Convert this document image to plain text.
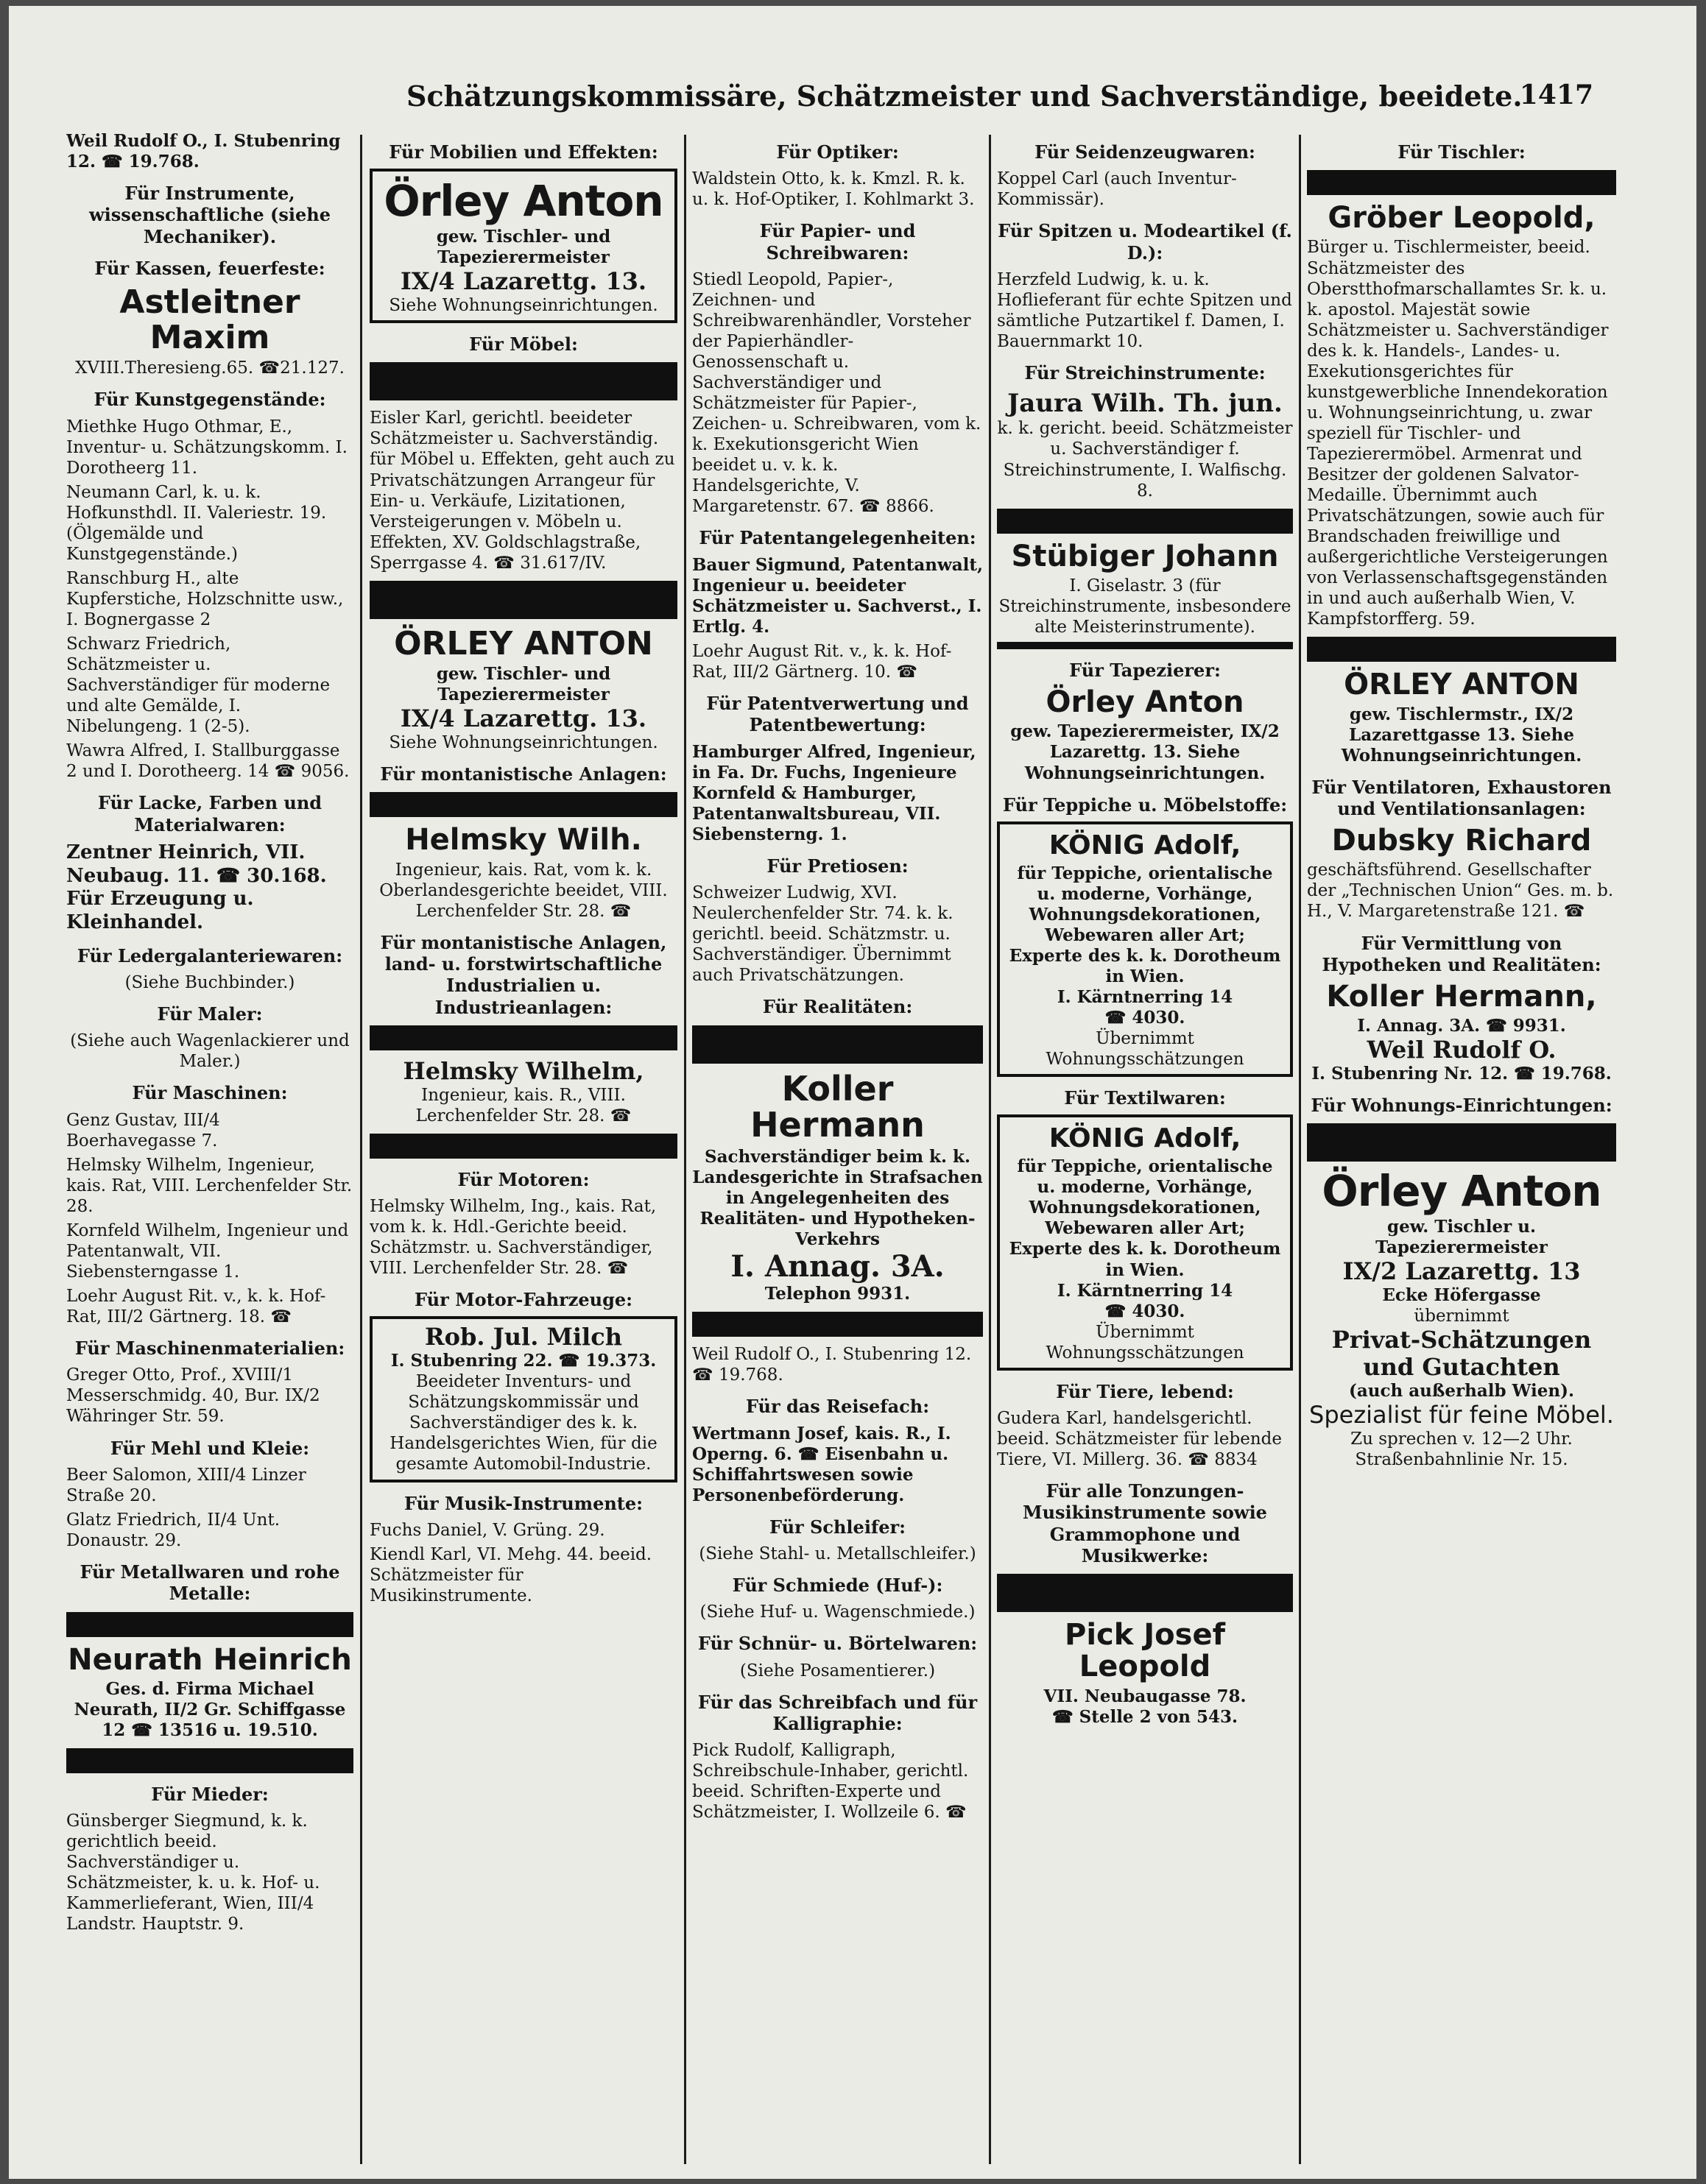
Schätzungskommissäre, Schätzmeister und Sachverständige, beeidete.
1417
Weil Rudolf O., I. Stubenring 12. ☎ 19.768.
Für Instrumente, wissenschaftliche (siehe Mechaniker).
Für Kassen, feuerfeste:
Astleitner Maxim
XVIII.Theresieng.65. ☎21.127.
Für Kunstgegenstände:
Miethke Hugo Othmar, E., Inventur- u. Schätzungskomm. I. Dorotheerg 11.
Neumann Carl, k. u. k. Hofkunsthdl. II. Valeriestr. 19. (Ölgemälde und Kunstgegenstände.)
Ranschburg H., alte Kupferstiche, Holzschnitte usw., I. Bognergasse 2
Schwarz Friedrich, Schätzmeister u. Sachverständiger für moderne und alte Gemälde, I. Nibelungeng. 1 (2-5).
Wawra Alfred, I. Stallburggasse 2 und I. Dorotheerg. 14 ☎ 9056.
Für Lacke, Farben und Materialwaren:
Zentner Heinrich, VII. Neubaug. 11. ☎ 30.168. Für Erzeugung u. Kleinhandel.
Für Ledergalanteriewaren:
(Siehe Buchbinder.)
Für Maler:
(Siehe auch Wagenlackierer und Maler.)
Für Maschinen:
Genz Gustav, III/4 Boerhavegasse 7.
Helmsky Wilhelm, Ingenieur, kais. Rat, VIII. Lerchenfelder Str. 28.
Kornfeld Wilhelm, Ingenieur und Patentanwalt, VII. Siebensterngasse 1.
Loehr August Rit. v., k. k. Hof-Rat, III/2 Gärtnerg. 18. ☎
Für Maschinenmaterialien:
Greger Otto, Prof., XVIII/1 Messerschmidg. 40, Bur. IX/2 Währinger Str. 59.
Für Mehl und Kleie:
Beer Salomon, XIII/4 Linzer Straße 20.
Glatz Friedrich, II/4 Unt. Donaustr. 29.
Für Metallwaren und rohe Metalle:
Neurath Heinrich
Ges. d. Firma Michael Neurath, II/2 Gr. Schiffgasse 12 ☎ 13516 u. 19.510.
Für Mieder:
Günsberger Siegmund, k. k. gerichtlich beeid. Sachverständiger u. Schätzmeister, k. u. k. Hof- u. Kammerlieferant, Wien, III/4 Landstr. Hauptstr. 9.
Für Mobilien und Effekten:
Örley Anton
gew. Tischler- und Tapezierermeister
IX/4 Lazarettg. 13.
Siehe Wohnungseinrichtungen.
Für Möbel:
Eisler Karl, gerichtl. beeideter Schätzmeister u. Sachverständig. für Möbel u. Effekten, geht auch zu Privatschätzungen Arrangeur für Ein- u. Verkäufe, Lizitationen, Versteigerungen v. Möbeln u. Effekten, XV. Goldschlagstraße, Sperrgasse 4. ☎ 31.617/IV.
ÖRLEY ANTON
gew. Tischler- und Tapezierermeister
IX/4 Lazarettg. 13.
Siehe Wohnungseinrichtungen.
Für montanistische Anlagen:
Helmsky Wilh.
Ingenieur, kais. Rat, vom k. k. Oberlandesgerichte beeidet, VIII. Lerchenfelder Str. 28. ☎
Für montanistische Anlagen, land- u. forstwirtschaftliche Industrialien u. Industrieanlagen:
Helmsky Wilhelm,
Ingenieur, kais. R., VIII. Lerchenfelder Str. 28. ☎
Für Motoren:
Helmsky Wilhelm, Ing., kais. Rat, vom k. k. Hdl.-Gerichte beeid. Schätzmstr. u. Sachverständiger, VIII. Lerchenfelder Str. 28. ☎
Für Motor-Fahrzeuge:
Rob. Jul. Milch
I. Stubenring 22. ☎ 19.373.
Beeideter Inventurs- und Schätzungskommissär und Sachverständiger des k. k. Handelsgerichtes Wien, für die gesamte Automobil-Industrie.
Für Musik-Instrumente:
Fuchs Daniel, V. Grüng. 29.
Kiendl Karl, VI. Mehg. 44. beeid. Schätzmeister für Musikinstrumente.
Für Optiker:
Waldstein Otto, k. k. Kmzl. R. k. u. k. Hof-Optiker, I. Kohlmarkt 3.
Für Papier- und Schreibwaren:
Stiedl Leopold, Papier-, Zeichnen- und Schreibwarenhändler, Vorsteher der Papierhändler-Genossenschaft u. Sachverständiger und Schätzmeister für Papier-, Zeichen- u. Schreibwaren, vom k. k. Exekutionsgericht Wien beeidet u. v. k. k. Handelsgerichte, V. Margaretenstr. 67. ☎ 8866.
Für Patentangelegenheiten:
Bauer Sigmund, Patentanwalt, Ingenieur u. beeideter Schätzmeister u. Sachverst., I. Ertlg. 4.
Loehr August Rit. v., k. k. Hof-Rat, III/2 Gärtnerg. 10. ☎
Für Patentverwertung und Patentbewertung:
Hamburger Alfred, Ingenieur, in Fa. Dr. Fuchs, Ingenieure Kornfeld & Hamburger, Patentanwaltsbureau, VII. Siebensterng. 1.
Für Pretiosen:
Schweizer Ludwig, XVI. Neulerchenfelder Str. 74. k. k. gerichtl. beeid. Schätzmstr. u. Sachverständiger. Übernimmt auch Privatschätzungen.
Für Realitäten:
Koller Hermann
Sachverständiger beim k. k. Landesgerichte in Strafsachen in Angelegenheiten des Realitäten- und Hypotheken-Verkehrs
I. Annag. 3A.
Telephon 9931.
Weil Rudolf O., I. Stubenring 12. ☎ 19.768.
Für das Reisefach:
Wertmann Josef, kais. R., I. Operng. 6. ☎ Eisenbahn u. Schiffahrtswesen sowie Personenbeförderung.
Für Schleifer:
(Siehe Stahl- u. Metallschleifer.)
Für Schmiede (Huf-):
(Siehe Huf- u. Wagenschmiede.)
Für Schnür- u. Börtelwaren:
(Siehe Posamentierer.)
Für das Schreibfach und für Kalligraphie:
Pick Rudolf, Kalligraph, Schreibschule-Inhaber, gerichtl. beeid. Schriften-Experte und Schätzmeister, I. Wollzeile 6. ☎
Für Seidenzeugwaren:
Koppel Carl (auch Inventur-Kommissär).
Für Spitzen u. Modeartikel (f. D.):
Herzfeld Ludwig, k. u. k. Hoflieferant für echte Spitzen und sämtliche Putzartikel f. Damen, I. Bauernmarkt 10.
Für Streichinstrumente:
Jaura Wilh. Th. jun.
k. k. gericht. beeid. Schätzmeister u. Sachverständiger f. Streichinstrumente, I. Walfischg. 8.
Stübiger Johann
I. Giselastr. 3 (für Streichinstrumente, insbesondere alte Meisterinstrumente).
Für Tapezierer:
Örley Anton
gew. Tapezierermeister, IX/2 Lazarettg. 13. Siehe Wohnungseinrichtungen.
Für Teppiche u. Möbelstoffe:
KÖNIG Adolf,
für Teppiche, orientalische u. moderne, Vorhänge, Wohnungsdekorationen, Webewaren aller Art; Experte des k. k. Dorotheum in Wien.
I. Kärntnerring 14
☎ 4030.
Übernimmt Wohnungsschätzungen
Für Textilwaren:
KÖNIG Adolf,
für Teppiche, orientalische u. moderne, Vorhänge, Wohnungsdekorationen, Webewaren aller Art; Experte des k. k. Dorotheum in Wien.
I. Kärntnerring 14
☎ 4030.
Übernimmt Wohnungsschätzungen
Für Tiere, lebend:
Gudera Karl, handelsgerichtl. beeid. Schätzmeister für lebende Tiere, VI. Millerg. 36. ☎ 8834
Für alle Tonzungen-Musikinstrumente sowie Grammophone und Musikwerke:
Pick Josef Leopold
VII. Neubaugasse 78.
☎ Stelle 2 von 543.
Für Tischler:
Gröber Leopold,
Bürger u. Tischlermeister, beeid. Schätzmeister des Oberstthofmarschallamtes Sr. k. u. k. apostol. Majestät sowie Schätzmeister u. Sachverständiger des k. k. Handels-, Landes- u. Exekutionsgerichtes für kunstgewerbliche Innendekoration u. Wohnungseinrichtung, u. zwar speziell für Tischler- und Tapezierermöbel. Armenrat und Besitzer der goldenen Salvator-Medaille. Übernimmt auch Privatschätzungen, sowie auch für Brandschaden freiwillige und außergerichtliche Versteigerungen von Verlassenschaftsgegenständen in und auch außerhalb Wien, V. Kampfstorfferg. 59.
ÖRLEY ANTON
gew. Tischlermstr., IX/2 Lazarettgasse 13. Siehe Wohnungseinrichtungen.
Für Ventilatoren, Exhaustoren und Ventilationsanlagen:
Dubsky Richard
geschäftsführend. Gesellschafter der „Technischen Union“ Ges. m. b. H., V. Margaretenstraße 121. ☎
Für Vermittlung von Hypotheken und Realitäten:
Koller Hermann,
I. Annag. 3A. ☎ 9931.
Weil Rudolf O.
I. Stubenring Nr. 12. ☎ 19.768.
Für Wohnungs-Einrichtungen:
Örley Anton
gew. Tischler u. Tapezierermeister
IX/2 Lazarettg. 13
Ecke Höfergasse
übernimmt
Privat-Schätzungen und Gutachten
(auch außerhalb Wien).
Spezialist für feine Möbel.
Zu sprechen v. 12—2 Uhr. Straßenbahnlinie Nr. 15.
